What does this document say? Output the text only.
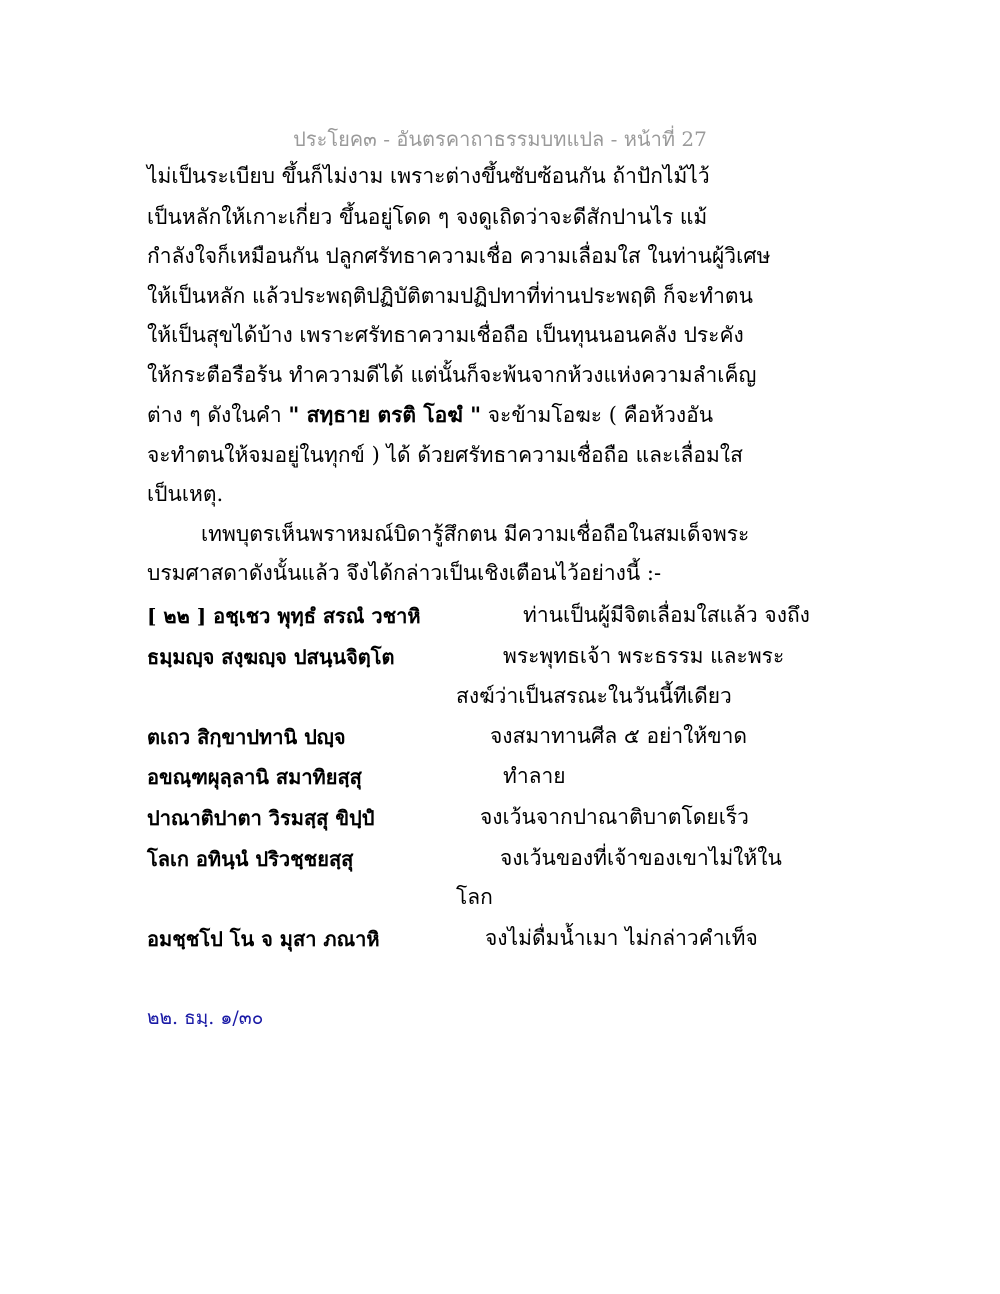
ประโยค๓ - อันตรคาถาธรรมบทแปล - หน้าที่ 27
ไม่เป็นระเบียบ ขึ้นก็ไม่งาม เพราะต่างขึ้นซับซ้อนกัน ถ้าปักไม้ไว้
เป็นหลักให้เกาะเกี่ยว ขึ้นอยู่โดด ๆ จงดูเถิดว่าจะดีสักปานไร แม้
กำลังใจก็เหมือนกัน ปลูกศรัทธาความเชื่อ ความเลื่อมใส ในท่านผู้วิเศษ
ให้เป็นหลัก แล้วประพฤติปฏิบัติตามปฏิปทาที่ท่านประพฤติ ก็จะทำตน
ให้เป็นสุขได้บ้าง เพราะศรัทธาความเชื่อถือ เป็นทุนนอนคลัง ประคัง
ให้กระตือรือร้น ทำความดีได้ แต่นั้นก็จะพ้นจากห้วงแห่งความลำเค็ญ
ต่าง ๆ ดังในคำ " สทฺธาย ตรติ โอฆํ " จะข้ามโอฆะ ( คือห้วงอัน
จะทำตนให้จมอยู่ในทุกข์ ) ได้ ด้วยศรัทธาความเชื่อถือ และเลื่อมใส
เป็นเหตุ.
เทพบุตรเห็นพราหมณ์บิดารู้สึกตน มีความเชื่อถือในสมเด็จพระ
บรมศาสดาดังนั้นแล้ว จึงได้กล่าวเป็นเชิงเตือนไว้อย่างนี้ :-
[ ๒๒ ] อชฺเชว พุทฺธํ สรณํ วชาหิ	ท่านเป็นผู้มีจิตเลื่อมใสแล้ว จงถึง
ธมฺมญฺจ สงฺฆญฺจ ปสนฺนจิตฺโต	พระพุทธเจ้า พระธรรม และพระ
สงฆ์ว่าเป็นสรณะในวันนี้ทีเดียว
ตเถว สิกฺขาปทานิ ปญฺจ	จงสมาทานศีล ๕ อย่าให้ขาด
อขณฺฑผุลฺลานิ สมาทิยสฺสุ	ทำลาย
ปาณาติปาตา วิรมสฺสุ ขิปฺปํ	จงเว้นจากปาณาติบาตโดยเร็ว
โลเก อทินฺนํ ปริวชฺชยสฺสุ	จงเว้นของที่เจ้าของเขาไม่ให้ใน
โลก
อมชฺชโป โน จ มุสา ภณาหิ	จงไม่ดื่มน้ำเมา ไม่กล่าวคำเท็จ
๒๒. ธมฺ. ๑/๓๐
